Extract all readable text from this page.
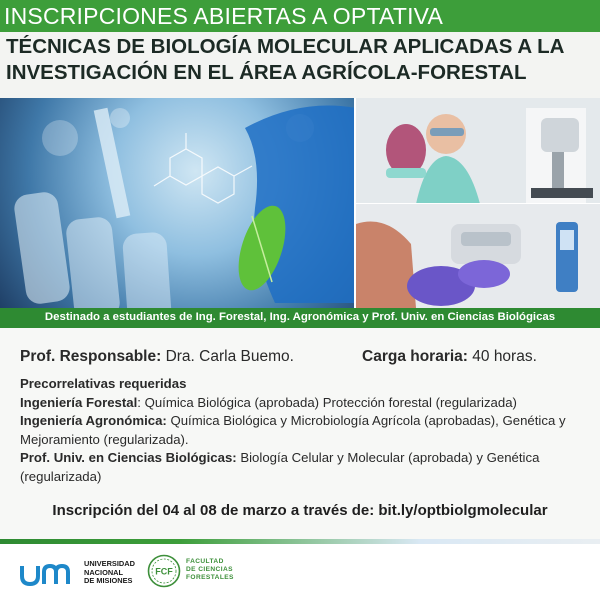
INSCRIPCIONES ABIERTAS A OPTATIVA
TÉCNICAS DE BIOLOGÍA MOLECULAR APLICADAS A LA
INVESTIGACIÓN EN EL ÁREA AGRÍCOLA-FORESTAL
Destinado a estudiantes de Ing. Forestal, Ing. Agronómica y Prof. Univ. en Ciencias Biológicas
Prof. Responsable: Dra. Carla Buemo.	Carga horaria: 40 horas.
Precorrelativas requeridas
Ingeniería Forestal: Química Biológica (aprobada) Protección forestal (regularizada)
Ingeniería Agronómica: Química Biológica y Microbiología Agrícola (aprobadas), Genética y Mejoramiento (regularizada).
Prof. Univ. en Ciencias Biológicas: Biología Celular y Molecular (aprobada) y Genética (regularizada)
Inscripción del 04 al 08 de marzo a través de: bit.ly/optbiolgmolecular
UNIVERSIDAD
NACIONAL
DE MISIONES
FCF
FACULTAD
DE CIENCIAS
FORESTALES
